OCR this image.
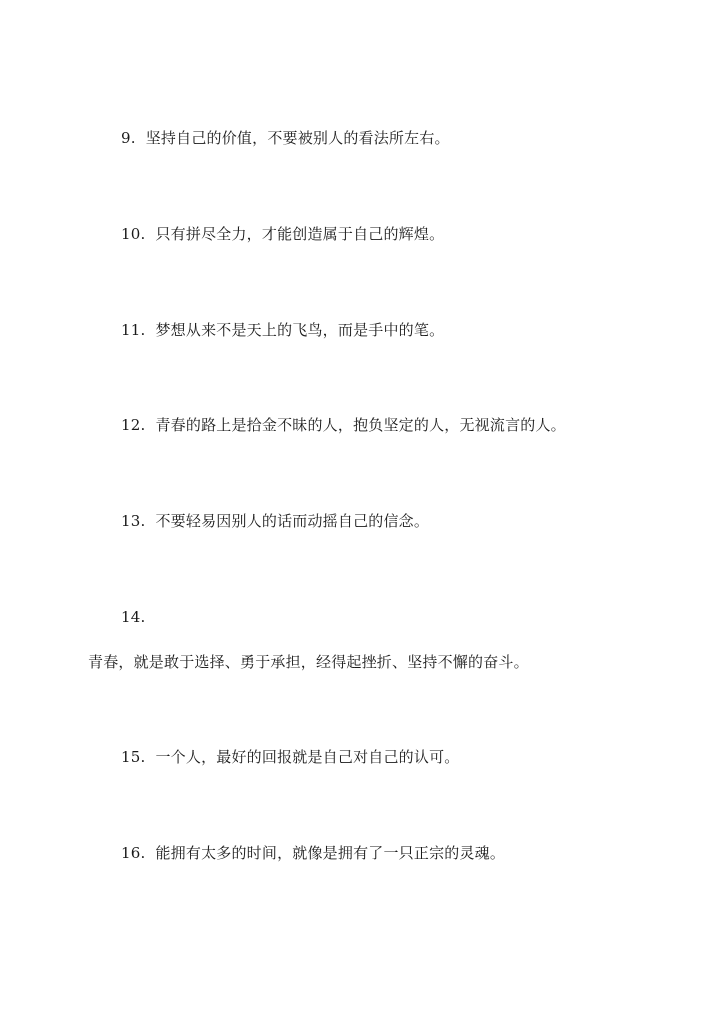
9. 坚持自己的价值，不要被别人的看法所左右。
10. 只有拼尽全力，才能创造属于自己的辉煌。
11. 梦想从来不是天上的飞鸟，而是手中的笔。
12. 青春的路上是拾金不昧的人，抱负坚定的人，无视流言的人。
13. 不要轻易因别人的话而动摇自己的信念。
14.
青春，就是敢于选择、勇于承担，经得起挫折、坚持不懈的奋斗。
15. 一个人，最好的回报就是自己对自己的认可。
16. 能拥有太多的时间，就像是拥有了一只正宗的灵魂。
